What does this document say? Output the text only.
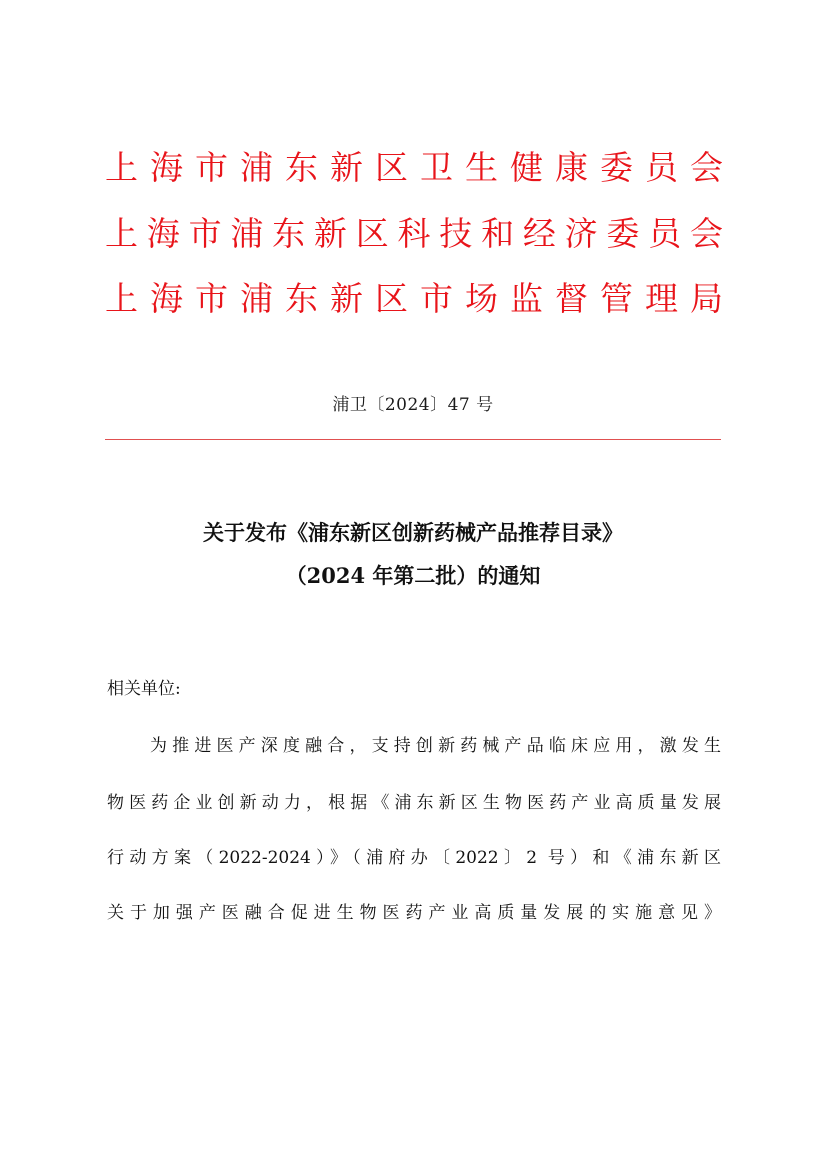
上海市浦东新区卫生健康委员会
上海市浦东新区科技和经济委员会
上海市浦东新区市场监督管理局
浦卫〔2024〕47 号
关于发布《浦东新区创新药械产品推荐目录》
（2024 年第二批）的通知
相关单位:
为推进医产深度融合，支持创新药械产品临床应用，激发生
物医药企业创新动力，根据《浦东新区生物医药产业高质量发展
行动方案（2022-2024）》（浦府办〔2022〕2 号）和《浦东新区
关于加强产医融合促进生物医药产业高质量发展的实施意见》
